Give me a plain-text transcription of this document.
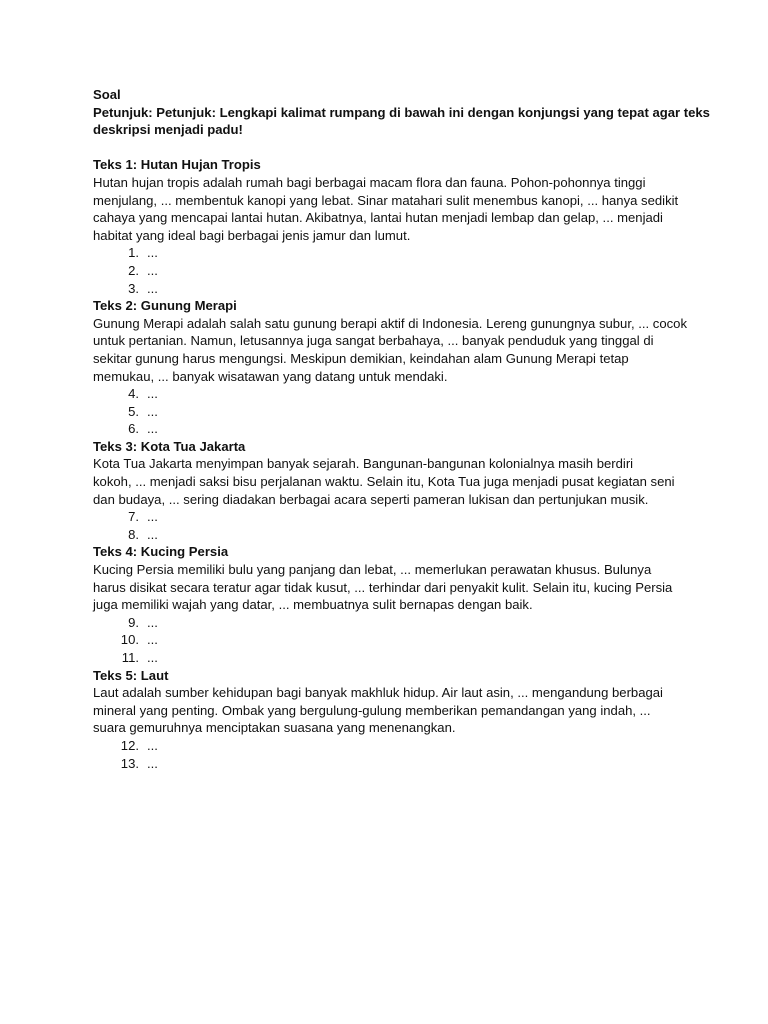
Soal
Petunjuk: Petunjuk: Lengkapi kalimat rumpang di bawah ini dengan konjungsi yang tepat agar teks
deskripsi menjadi padu!
Teks 1: Hutan Hujan Tropis
Hutan hujan tropis adalah rumah bagi berbagai macam flora dan fauna. Pohon-pohonnya tinggi
menjulang, ... membentuk kanopi yang lebat. Sinar matahari sulit menembus kanopi, ... hanya sedikit
cahaya yang mencapai lantai hutan. Akibatnya, lantai hutan menjadi lembap dan gelap, ... menjadi
habitat yang ideal bagi berbagai jenis jamur dan lumut.
1. ...
2. ...
3. ...
Teks 2: Gunung Merapi
Gunung Merapi adalah salah satu gunung berapi aktif di Indonesia. Lereng gunungnya subur, ... cocok
untuk pertanian. Namun, letusannya juga sangat berbahaya, ... banyak penduduk yang tinggal di
sekitar gunung harus mengungsi. Meskipun demikian, keindahan alam Gunung Merapi tetap
memukau, ... banyak wisatawan yang datang untuk mendaki.
4. ...
5. ...
6. ...
Teks 3: Kota Tua Jakarta
Kota Tua Jakarta menyimpan banyak sejarah. Bangunan-bangunan kolonialnya masih berdiri
kokoh, ... menjadi saksi bisu perjalanan waktu. Selain itu, Kota Tua juga menjadi pusat kegiatan seni
dan budaya, ... sering diadakan berbagai acara seperti pameran lukisan dan pertunjukan musik.
7. ...
8. ...
Teks 4: Kucing Persia
Kucing Persia memiliki bulu yang panjang dan lebat, ... memerlukan perawatan khusus. Bulunya
harus disikat secara teratur agar tidak kusut, ... terhindar dari penyakit kulit. Selain itu, kucing Persia
juga memiliki wajah yang datar, ... membuatnya sulit bernapas dengan baik.
9. ...
10. ...
11. ...
Teks 5: Laut
Laut adalah sumber kehidupan bagi banyak makhluk hidup. Air laut asin, ... mengandung berbagai
mineral yang penting. Ombak yang bergulung-gulung memberikan pemandangan yang indah, ...
suara gemuruhnya menciptakan suasana yang menenangkan.
12. ...
13. ...
